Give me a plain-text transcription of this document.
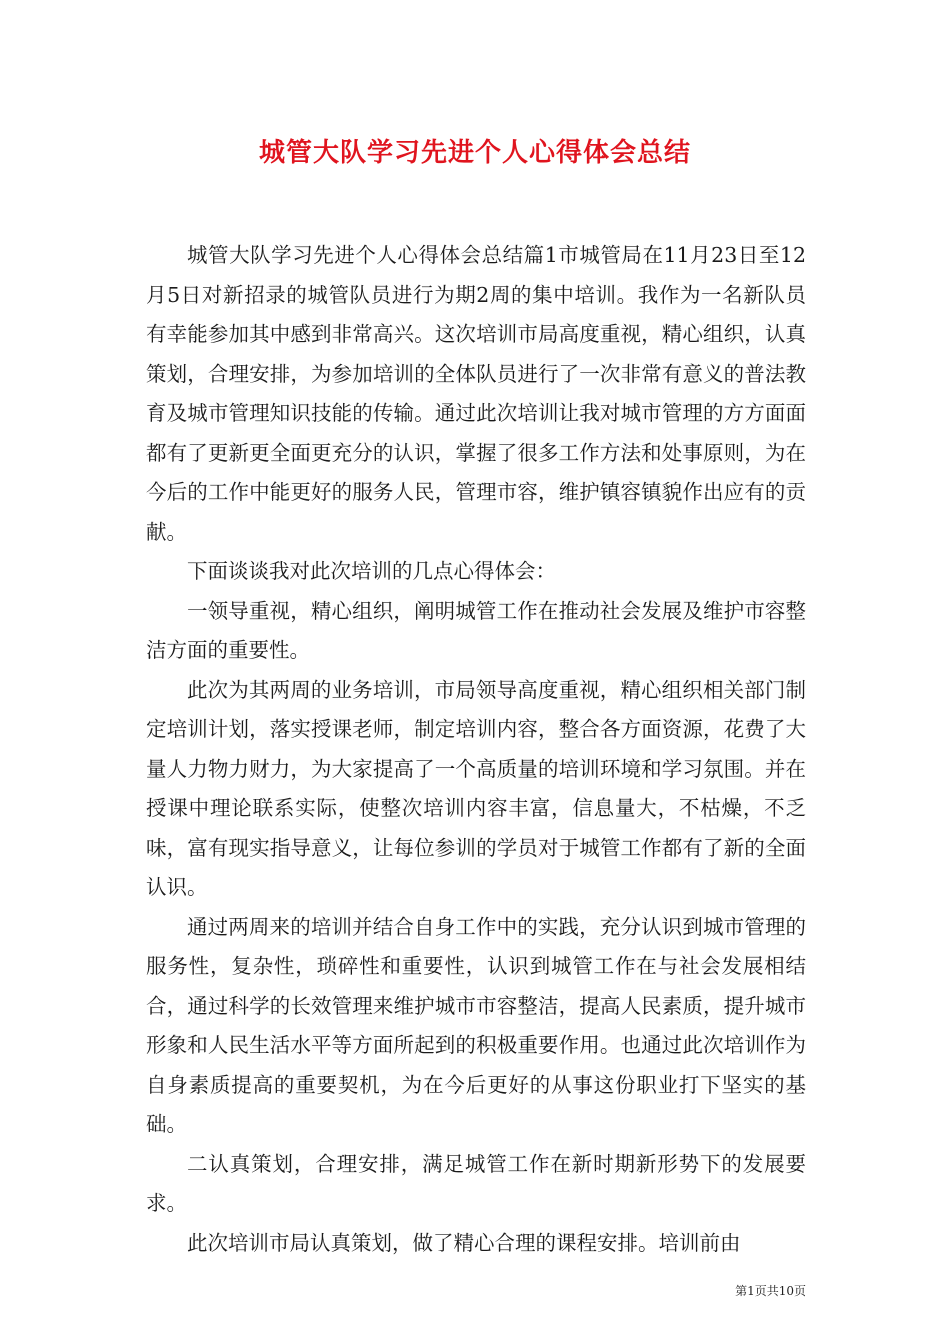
城管大队学习先进个人心得体会总结

城管大队学习先进个人心得体会总结篇1市城管局在11月23日至12月5日对新招录的城管队员进行为期2周的集中培训。我作为一名新队员有幸能参加其中感到非常高兴。这次培训市局高度重视，精心组织，认真策划，合理安排，为参加培训的全体队员进行了一次非常有意义的普法教育及城市管理知识技能的传输。通过此次培训让我对城市管理的方方面面都有了更新更全面更充分的认识，掌握了很多工作方法和处事原则，为在今后的工作中能更好的服务人民，管理市容，维护镇容镇貌作出应有的贡献。

下面谈谈我对此次培训的几点心得体会：

一领导重视，精心组织，阐明城管工作在推动社会发展及维护市容整洁方面的重要性。

此次为其两周的业务培训，市局领导高度重视，精心组织相关部门制定培训计划，落实授课老师，制定培训内容，整合各方面资源，花费了大量人力物力财力，为大家提高了一个高质量的培训环境和学习氛围。并在授课中理论联系实际，使整次培训内容丰富，信息量大，不枯燥，不乏味，富有现实指导意义，让每位参训的学员对于城管工作都有了新的全面认识。

通过两周来的培训并结合自身工作中的实践，充分认识到城市管理的服务性，复杂性，琐碎性和重要性，认识到城管工作在与社会发展相结合，通过科学的长效管理来维护城市市容整洁，提高人民素质，提升城市形象和人民生活水平等方面所起到的积极重要作用。也通过此次培训作为自身素质提高的重要契机，为在今后更好的从事这份职业打下坚实的基础。

二认真策划，合理安排，满足城管工作在新时期新形势下的发展要求。

此次培训市局认真策划，做了精心合理的课程安排。培训前由

第1页共10页
